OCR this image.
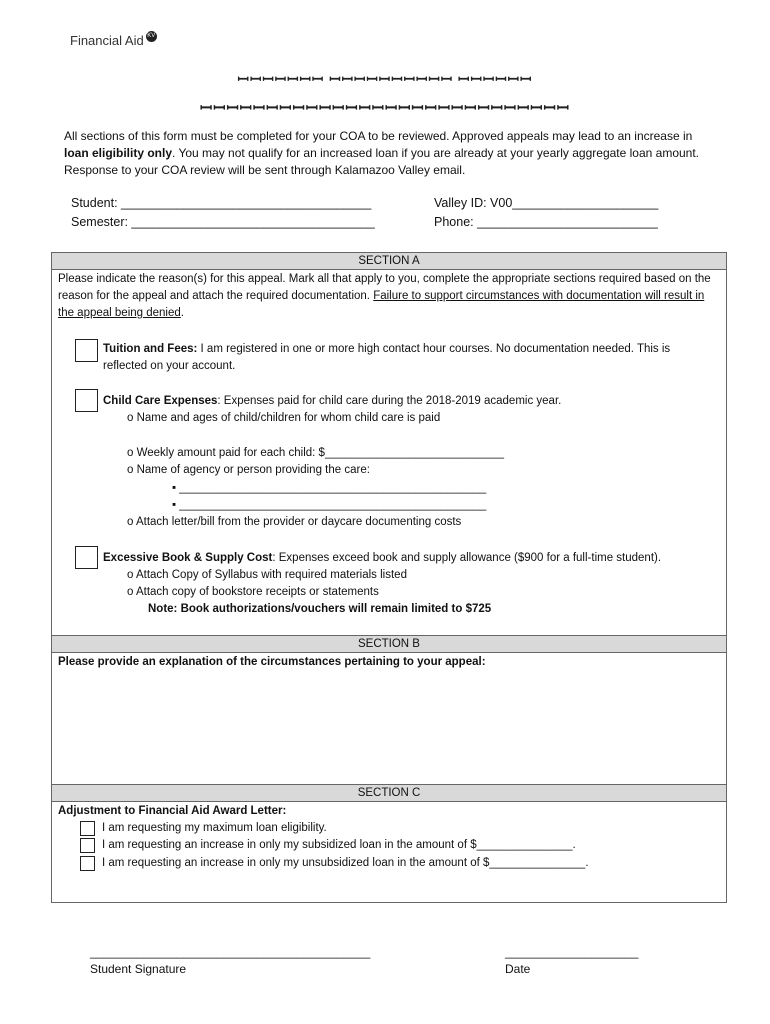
Financial Aid KV
ꟷꟷꟷꟷꟷꟷꟷ ꟷꟷꟷꟷꟷꟷꟷꟷꟷꟷ ꟷꟷꟷꟷꟷꟷ
ꟷꟷꟷꟷꟷꟷꟷꟷꟷꟷꟷꟷꟷꟷꟷꟷꟷꟷꟷꟷꟷꟷꟷꟷꟷꟷꟷꟷ
All sections of this form must be completed for your COA to be reviewed. Approved appeals may lead to an increase in loan eligibility only. You may not qualify for an increased loan if you are already at your yearly aggregate loan amount. Response to your COA review will be sent through Kalamazoo Valley email.
Student: ____________________________________
Semester: ___________________________________
Valley ID: V00_____________________
Phone: __________________________
SECTION A
Please indicate the reason(s) for this appeal. Mark all that apply to you, complete the appropriate sections required based on the reason for the appeal and attach the required documentation. Failure to support circumstances with documentation will result in the appeal being denied.
Tuition and Fees: I am registered in one or more high contact hour courses. No documentation needed. This is reflected on your account.
Child Care Expenses: Expenses paid for child care during the 2018-2019 academic year.
o Name and ages of child/children for whom child care is paid
o Weekly amount paid for each child: $____________________________
o Name of agency or person providing the care:
▪ ________________________________________________
▪ ________________________________________________
o Attach letter/bill from the provider or daycare documenting costs
Excessive Book & Supply Cost: Expenses exceed book and supply allowance ($900 for a full-time student).
o Attach Copy of Syllabus with required materials listed
o Attach copy of bookstore receipts or statements
Note: Book authorizations/vouchers will remain limited to $725
SECTION B
Please provide an explanation of the circumstances pertaining to your appeal:
SECTION C
Adjustment to Financial Aid Award Letter:
I am requesting my maximum loan eligibility.
I am requesting an increase in only my subsidized loan in the amount of $_______________.
I am requesting an increase in only my unsubsidized loan in the amount of $_______________.
__________________________________________
Student Signature
____________________
Date
